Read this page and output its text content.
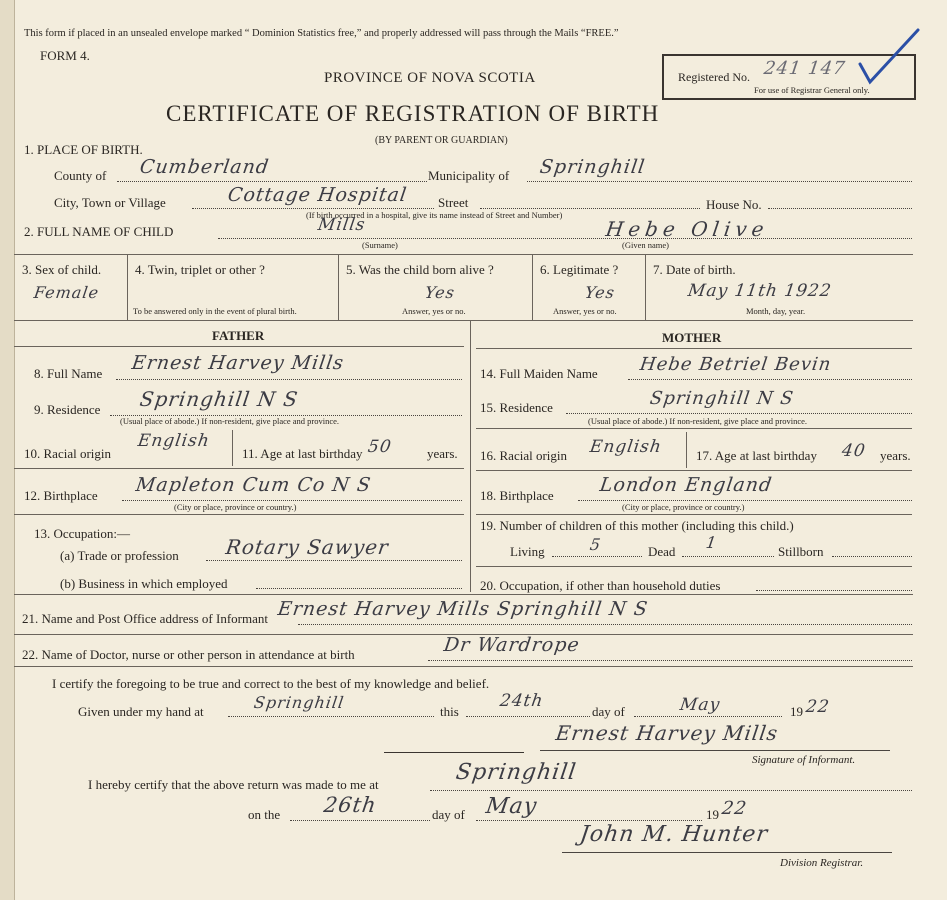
This form if placed in an unsealed envelope marked “ Dominion Statistics free,” and properly addressed will pass through the Mails “FREE.”
FORM 4.
PROVINCE OF NOVA SCOTIA
CERTIFICATE OF REGISTRATION OF BIRTH
(BY PARENT OR GUARDIAN)
Registered No. 241 147
For use of Registrar General only.
1. PLACE OF BIRTH.
County of Cumberland	Municipality of Springhill
City, Town or Village	Cottage Hospital Street	House No.
(If birth occurred in a hospital, give its name instead of Street and Number)
2. FULL NAME OF CHILD	Mills	Hebe Olive
(Surname)	(Given name)
3. Sex of child.
Female
4. Twin, triplet or other ?
To be answered only in the event of plural birth.
5. Was the child born alive ?
Yes
Answer, yes or no.
6. Legitimate ?
Yes
Answer, yes or no.
7. Date of birth.
May 11th 1922
Month, day, year.
FATHER	MOTHER
8. Full Name Ernest Harvey Mills
9. Residence Springhill N S
(Usual place of abode.) If non-resident, give place and province.
10. Racial origin
English
11. Age at last birthday 50	years.
12. Birthplace Mapleton Cum Co N S
(City or place, province or country.)
13. Occupation:—
(a) Trade or profession Rotary Sawyer
(b) Business in which employed
14. Full Maiden Name Hebe Betriel Bevin
15. Residence	Springhill N S
(Usual place of abode.) If non-resident, give place and province.
16. Racial origin English	17. Age at last birthday 40 years.
18. Birthplace London England
(City or place, province or country.)
19. Number of children of this mother (including this child.)
Living	5	Dead 1	Stillborn
20. Occupation, if other than household duties
21. Name and Post Office address of Informant Ernest Harvey Mills Springhill N S
22. Name of Doctor, nurse or other person in attendance at birth	Dr Wardrope
I certify the foregoing to be true and correct to the best of my knowledge and belief.
Given under my hand at	Springhill	this
24th
day of	May	19 22
Ernest Harvey Mills
Signature of Informant.
I hereby certify that the above return was made to me at	Springhill
on the 26th	day of May	19 22
John M. Hunter
Division Registrar.
